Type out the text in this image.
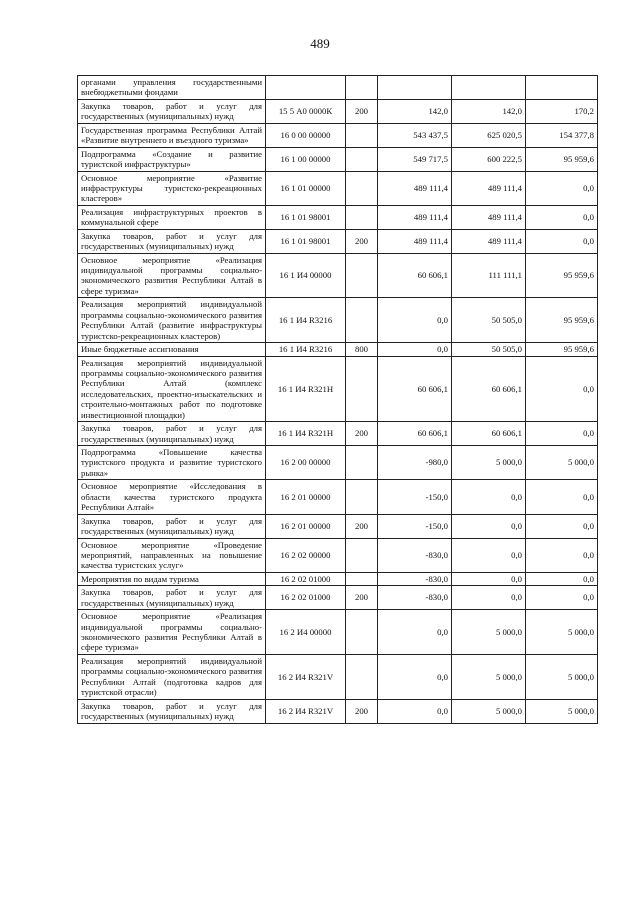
489
органами управления государственными внебюджетными фондами					
Закупка товаров, работ и услуг для государственных (муниципальных) нужд	15 5 А0 0000К	200	142,0	142,0	170,2
Государственная программа Республики Алтай «Развитие внутреннего и въездного туризма»	16 0 00 00000		543 437,5	625 020,5	154 377,8
Подпрограмма «Создание и развитие туристской инфраструктуры»	16 1 00 00000		549 717,5	600 222,5	95 959,6
Основное мероприятие «Развитие инфраструктуры туристско-рекреационных кластеров»	16 1 01 00000		489 111,4	489 111,4	0,0
Реализация инфраструктурных проектов в коммунальной сфере	16 1 01 98001		489 111,4	489 111,4	0,0
Закупка товаров, работ и услуг для государственных (муниципальных) нужд	16 1 01 98001	200	489 111,4	489 111,4	0,0
Основное мероприятие «Реализация индивидуальной программы социально-экономического развития Республики Алтай в сфере туризма»	16 1 И4 00000		60 606,1	111 111,1	95 959,6
Реализация мероприятий индивидуальной программы социально-экономического развития Республики Алтай (развитие инфраструктуры туристско-рекреационных кластеров)	16 1 И4 R3216		0,0	50 505,0	95 959,6
Иные бюджетные ассигнования	16 1 И4 R3216	800	0,0	50 505,0	95 959,6
Реализация мероприятий индивидуальной программы социально-экономического развития Республики Алтай (комплекс исследовательских, проектно-изыскательских и строительно-монтажных работ по подготовке инвестиционной площадки)	16 1 И4 R321Н		60 606,1	60 606,1	0,0
Закупка товаров, работ и услуг для государственных (муниципальных) нужд	16 1 И4 R321Н	200	60 606,1	60 606,1	0,0
Подпрограмма «Повышение качества туристского продукта и развитие туристского рынка»	16 2 00 00000		-980,0	5 000,0	5 000,0
Основное мероприятие «Исследования в области качества туристского продукта Республики Алтай»	16 2 01 00000		-150,0	0,0	0,0
Закупка товаров, работ и услуг для государственных (муниципальных) нужд	16 2 01 00000	200	-150,0	0,0	0,0
Основное мероприятие «Проведение мероприятий, направленных на повышение качества туристских услуг»	16 2 02 00000		-830,0	0,0	0,0
Мероприятия по видам туризма	16 2 02 01000		-830,0	0,0	0,0
Закупка товаров, работ и услуг для государственных (муниципальных) нужд	16 2 02 01000	200	-830,0	0,0	0,0
Основное мероприятие «Реализация индивидуальной программы социально-экономического развития Республики Алтай в сфере туризма»	16 2 И4 00000		0,0	5 000,0	5 000,0
Реализация мероприятий индивидуальной программы социально-экономического развития Республики Алтай (подготовка кадров для туристской отрасли)	16 2 И4 R321V		0,0	5 000,0	5 000,0
Закупка товаров, работ и услуг для государственных (муниципальных) нужд	16 2 И4 R321V	200	0,0	5 000,0	5 000,0
